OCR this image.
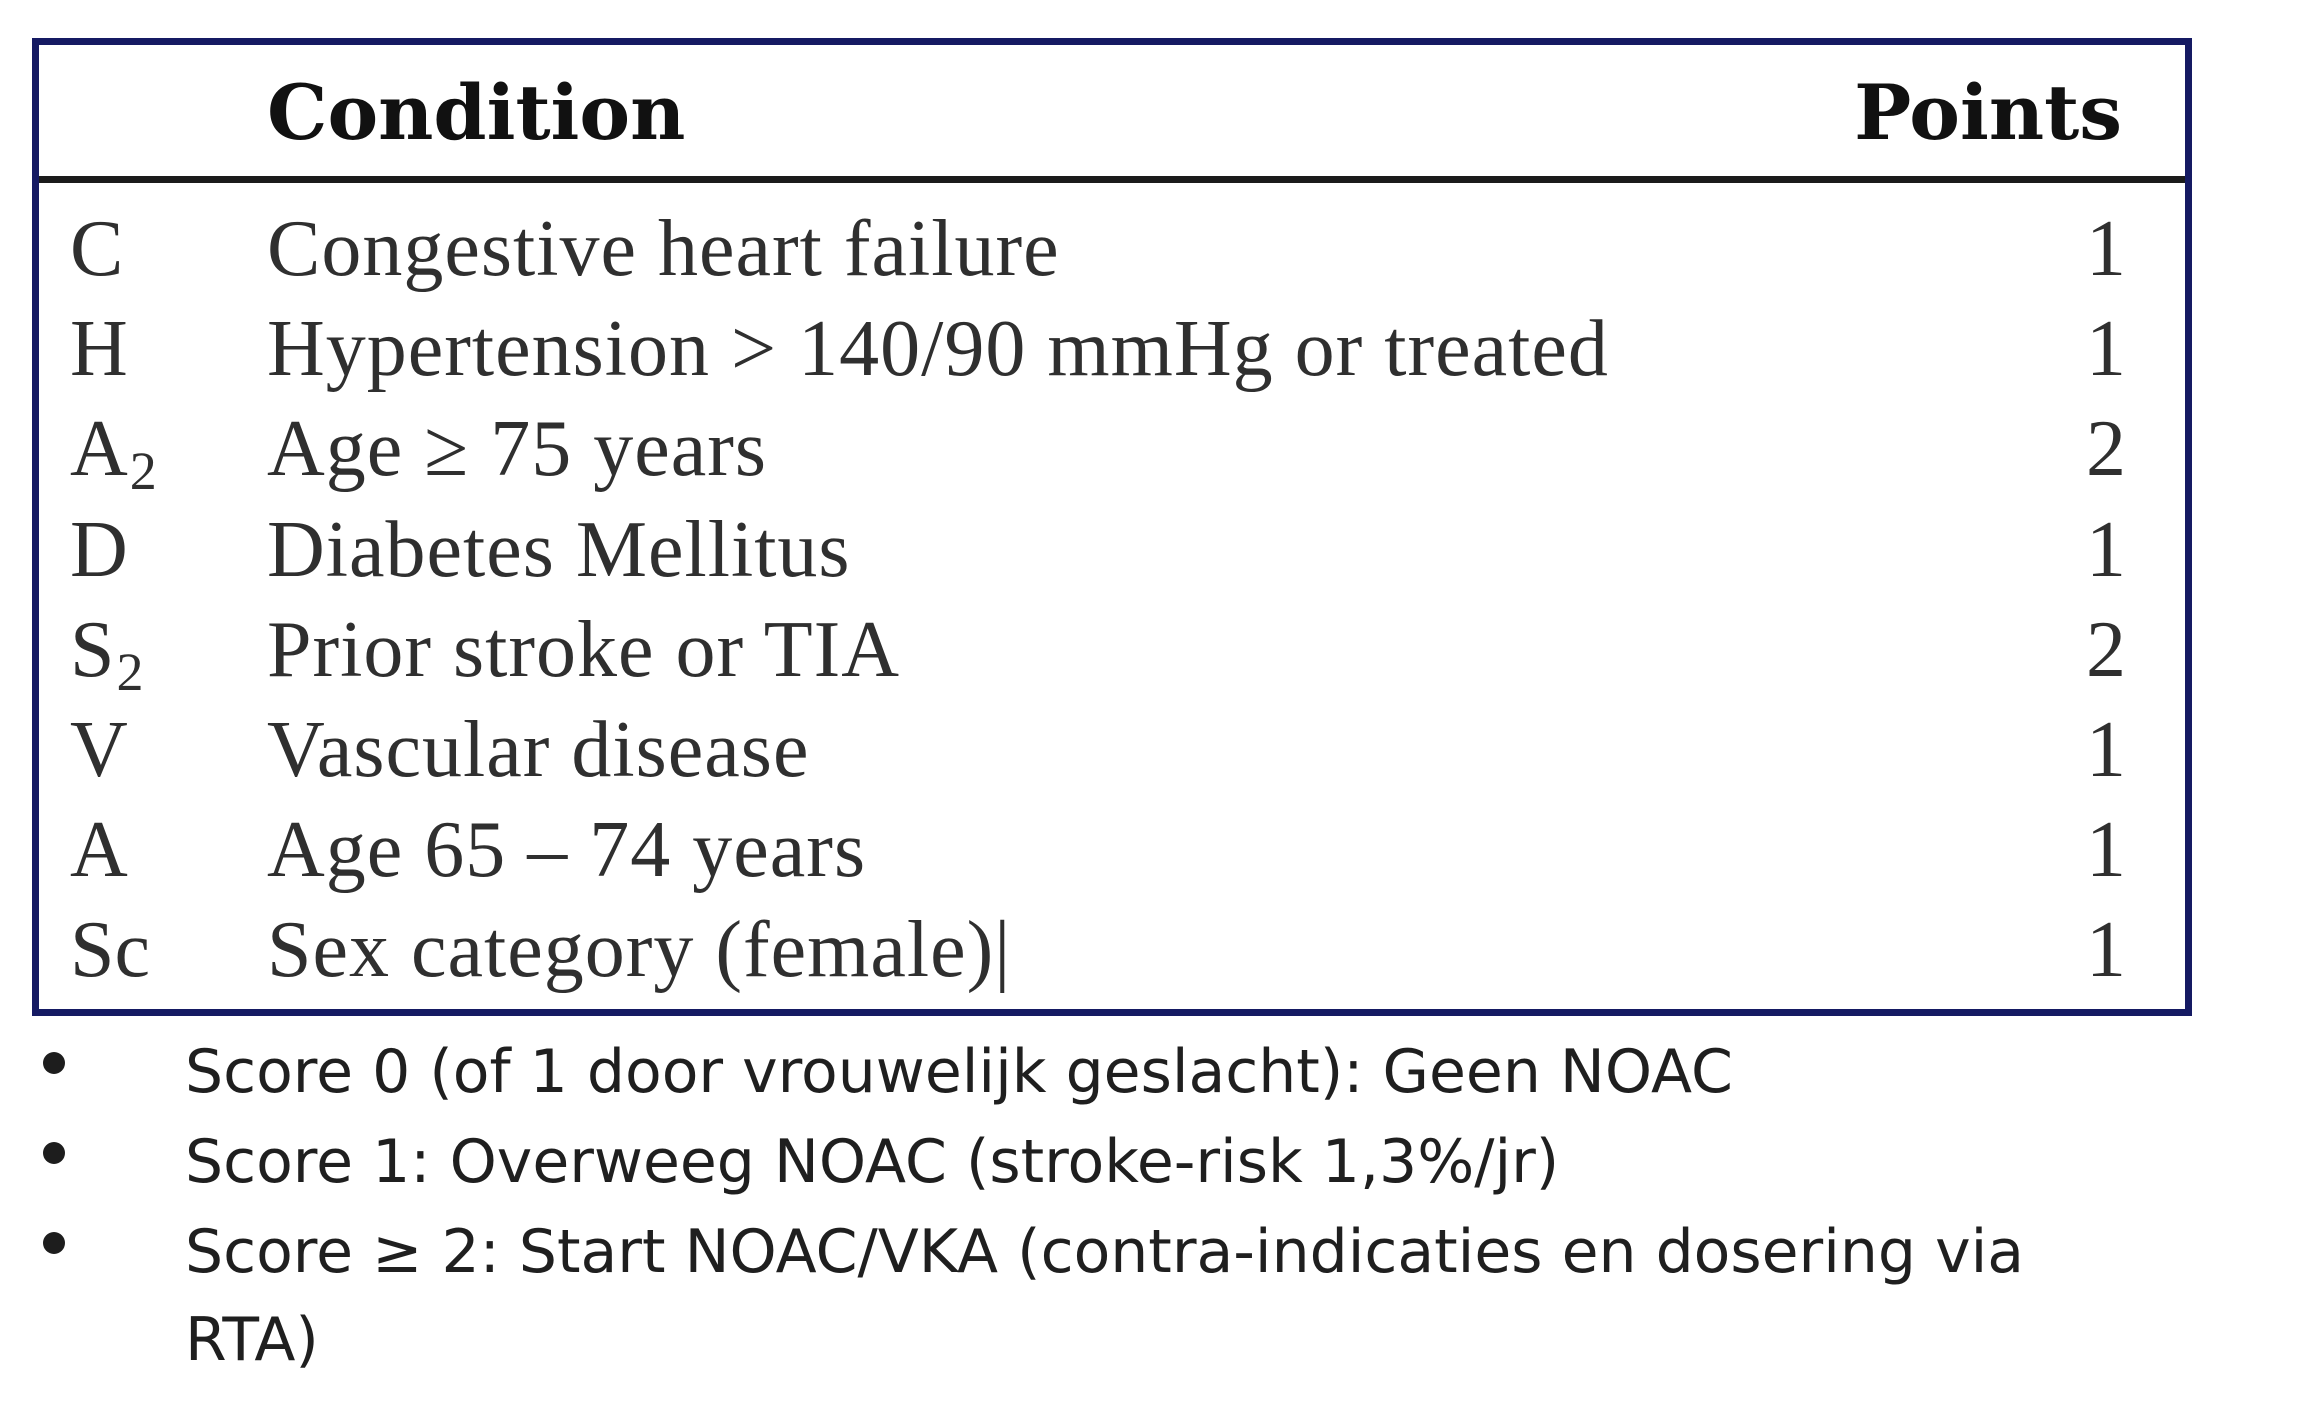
Condition	Points
C Congestive heart failure	1
H Hypertension > 140/90 mmHg or treated	1
$A_2$ Age ≥ 75 years	2
D Diabetes Mellitus	1
$S_2$ Prior stroke or TIA	2
V Vascular disease	1
A Age 65 – 74 years	1
Sc Sex category (female)|	1
Score 0 (of 1 door vrouwelijk geslacht): Geen NOAC
Score 1: Overweeg NOAC (stroke-risk 1,3%/jr)
Score ≥ 2: Start NOAC/VKA (contra-indicaties en dosering via RTA)
